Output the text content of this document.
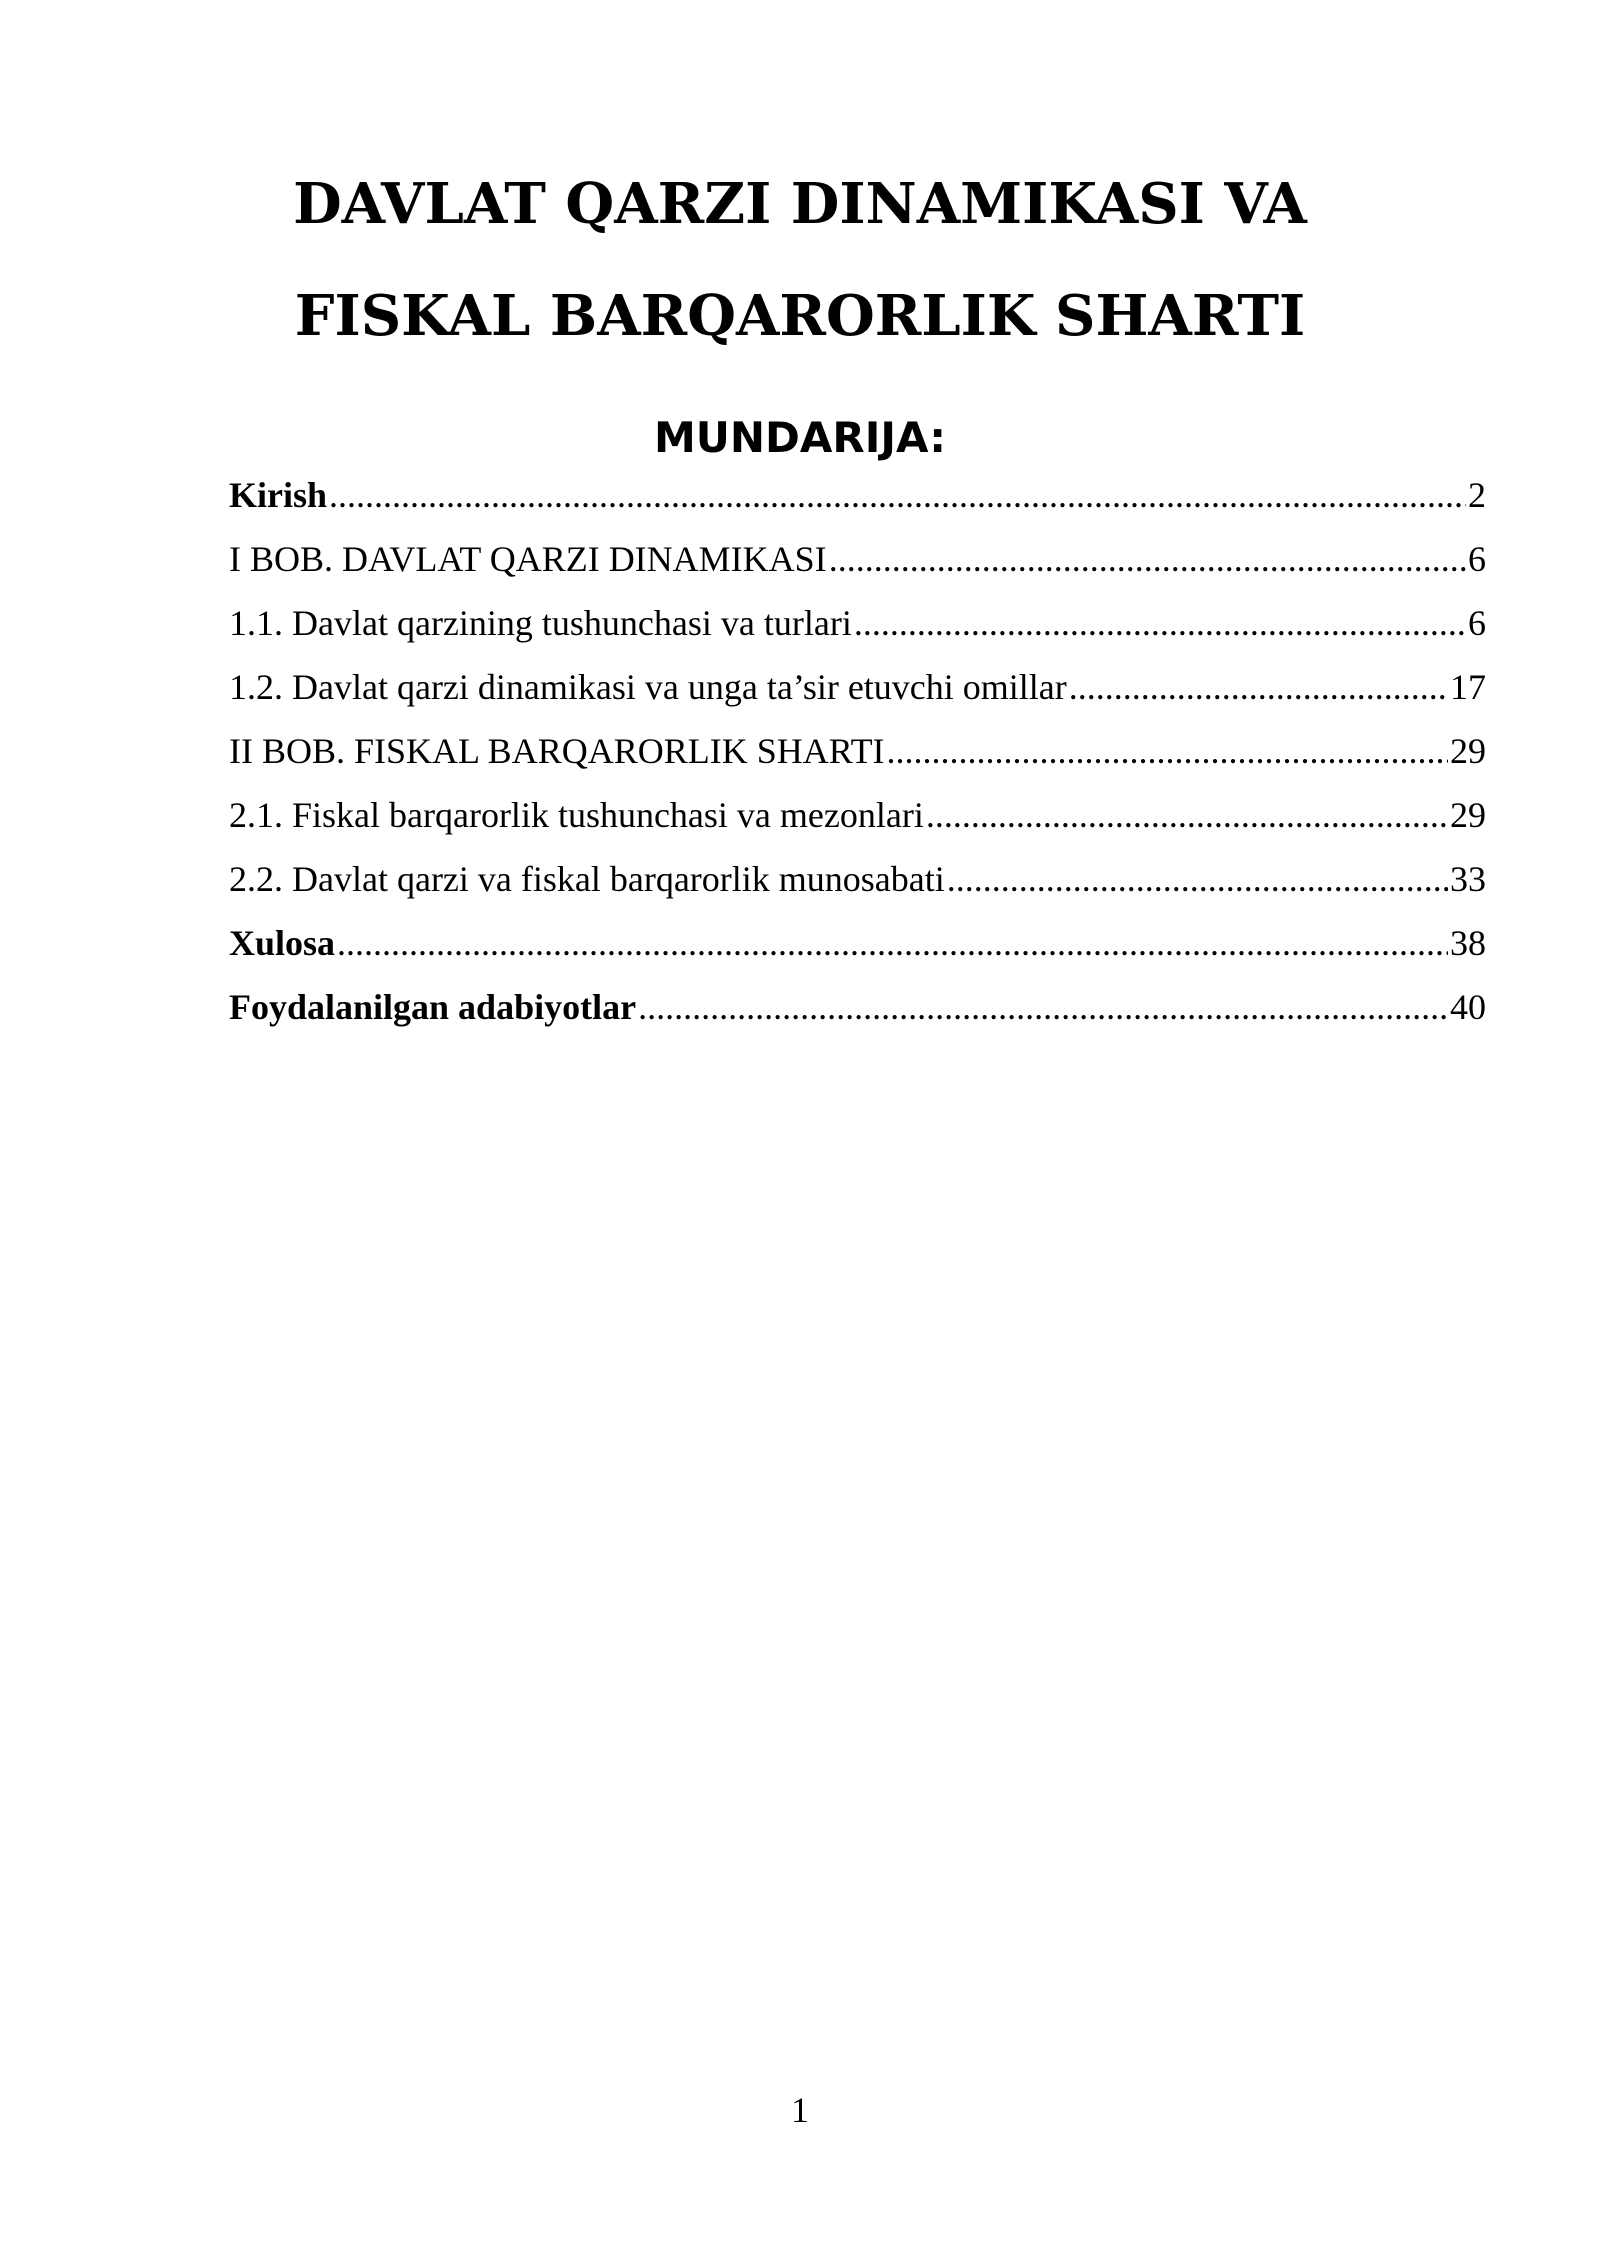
DAVLAT QARZI DINAMIKASI VA
FISKAL BARQARORLIK SHARTI
MUNDARIJA:
Kirish .....	2
I BOB. DAVLAT QARZI DINAMIKASI .....	6
1.1. Davlat qarzining tushunchasi va turlari .....	6
1.2. Davlat qarzi dinamikasi va unga ta’sir etuvchi omillar .....	17
II BOB. FISKAL BARQARORLIK SHARTI .....	29
2.1. Fiskal barqarorlik tushunchasi va mezonlari .....	29
2.2. Davlat qarzi va fiskal barqarorlik munosabati .....	33
Xulosa .....	38
Foydalanilgan adabiyotlar .....	40
1
